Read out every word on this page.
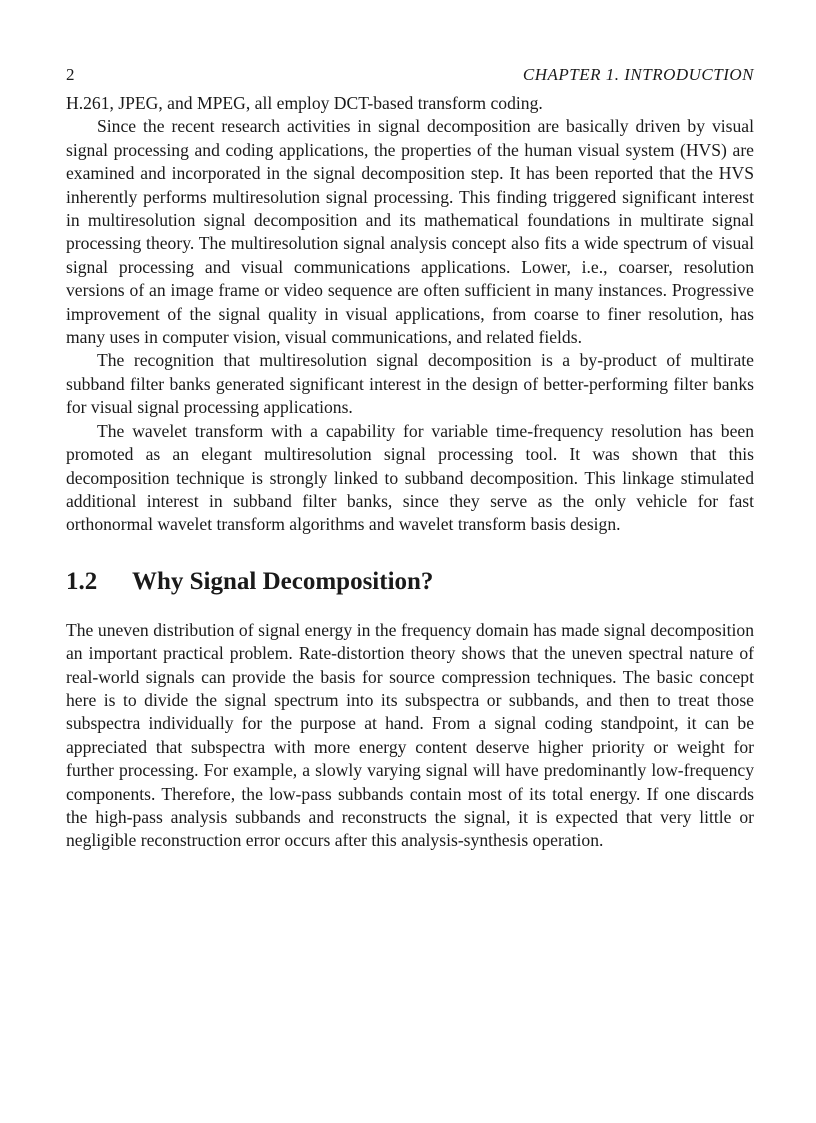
2	CHAPTER 1. INTRODUCTION

H.261, JPEG, and MPEG, all employ DCT-based transform coding.

Since the recent research activities in signal decomposition are basically driven by visual signal processing and coding applications, the properties of the human visual system (HVS) are examined and incorporated in the signal decomposition step. It has been reported that the HVS inherently performs multiresolution signal processing. This finding triggered significant interest in multiresolution signal decomposition and its mathematical foundations in multirate signal processing theory. The multiresolution signal analysis concept also fits a wide spectrum of visual signal processing and visual communications applications. Lower, i.e., coarser, resolution versions of an image frame or video sequence are often sufficient in many instances. Progressive improvement of the signal quality in visual applications, from coarse to finer resolution, has many uses in computer vision, visual communications, and related fields.

The recognition that multiresolution signal decomposition is a by-product of multirate subband filter banks generated significant interest in the design of better-performing filter banks for visual signal processing applications.

The wavelet transform with a capability for variable time-frequency resolution has been promoted as an elegant multiresolution signal processing tool. It was shown that this decomposition technique is strongly linked to subband decomposition. This linkage stimulated additional interest in subband filter banks, since they serve as the only vehicle for fast orthonormal wavelet transform algorithms and wavelet transform basis design.

1.2	Why Signal Decomposition?

The uneven distribution of signal energy in the frequency domain has made signal decomposition an important practical problem. Rate-distortion theory shows that the uneven spectral nature of real-world signals can provide the basis for source compression techniques. The basic concept here is to divide the signal spectrum into its subspectra or subbands, and then to treat those subspectra individually for the purpose at hand. From a signal coding standpoint, it can be appreciated that subspectra with more energy content deserve higher priority or weight for further processing. For example, a slowly varying signal will have predominantly low-frequency components. Therefore, the low-pass subbands contain most of its total energy. If one discards the high-pass analysis subbands and reconstructs the signal, it is expected that very little or negligible reconstruction error occurs after this analysis-synthesis operation.
